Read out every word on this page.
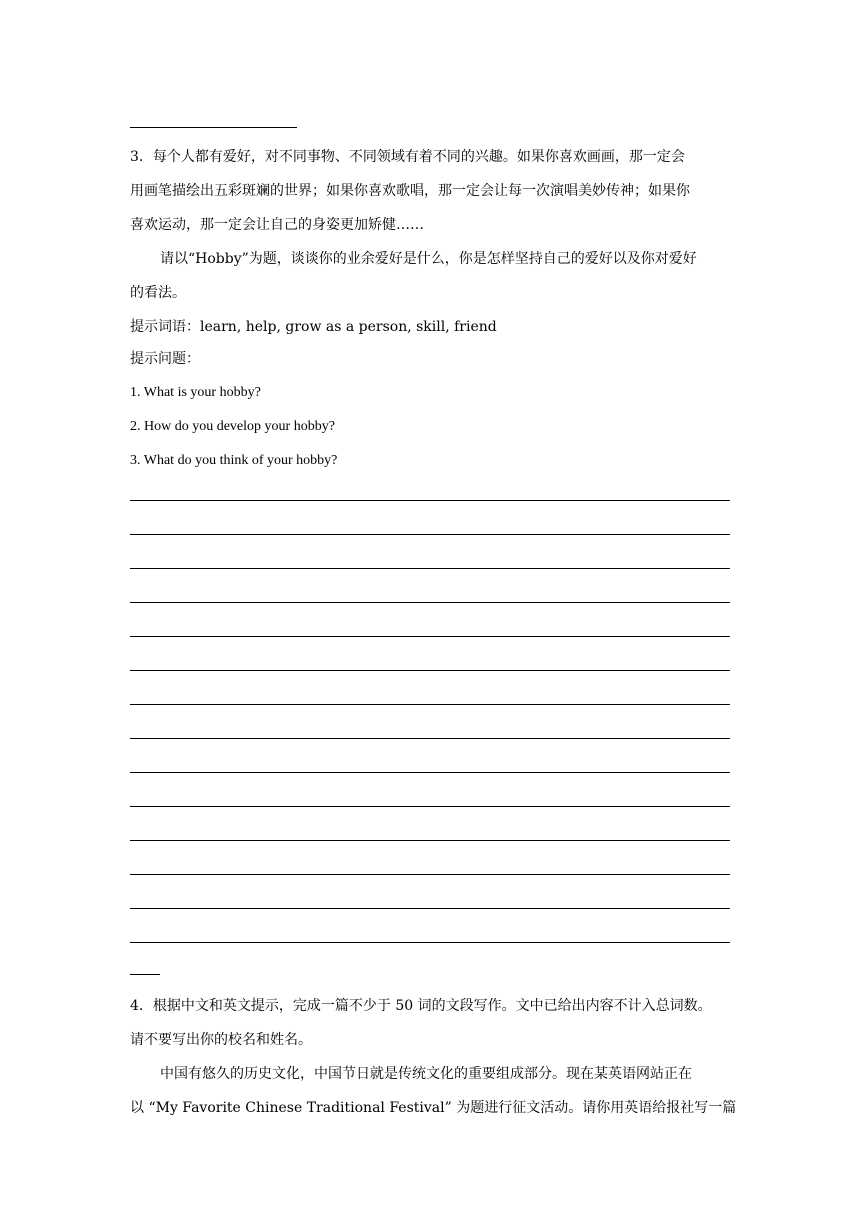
3．每个人都有爱好，对不同事物、不同领域有着不同的兴趣。如果你喜欢画画，那一定会
用画笔描绘出五彩斑斓的世界；如果你喜欢歌唱，那一定会让每一次演唱美妙传神；如果你
喜欢运动，那一定会让自己的身姿更加矫健……
请以“Hobby”为题，谈谈你的业余爱好是什么，你是怎样坚持自己的爱好以及你对爱好
的看法。
提示词语：learn, help, grow as a person, skill, friend
提示问题：
1. What is your hobby?
2. How do you develop your hobby?
3. What do you think of your hobby?
4．根据中文和英文提示，完成一篇不少于 50 词的文段写作。文中已给出内容不计入总词数。
请不要写出你的校名和姓名。
中国有悠久的历史文化，中国节日就是传统文化的重要组成部分。现在某英语网站正在
以 “My Favorite Chinese Traditional Festival” 为题进行征文活动。请你用英语给报社写一篇
